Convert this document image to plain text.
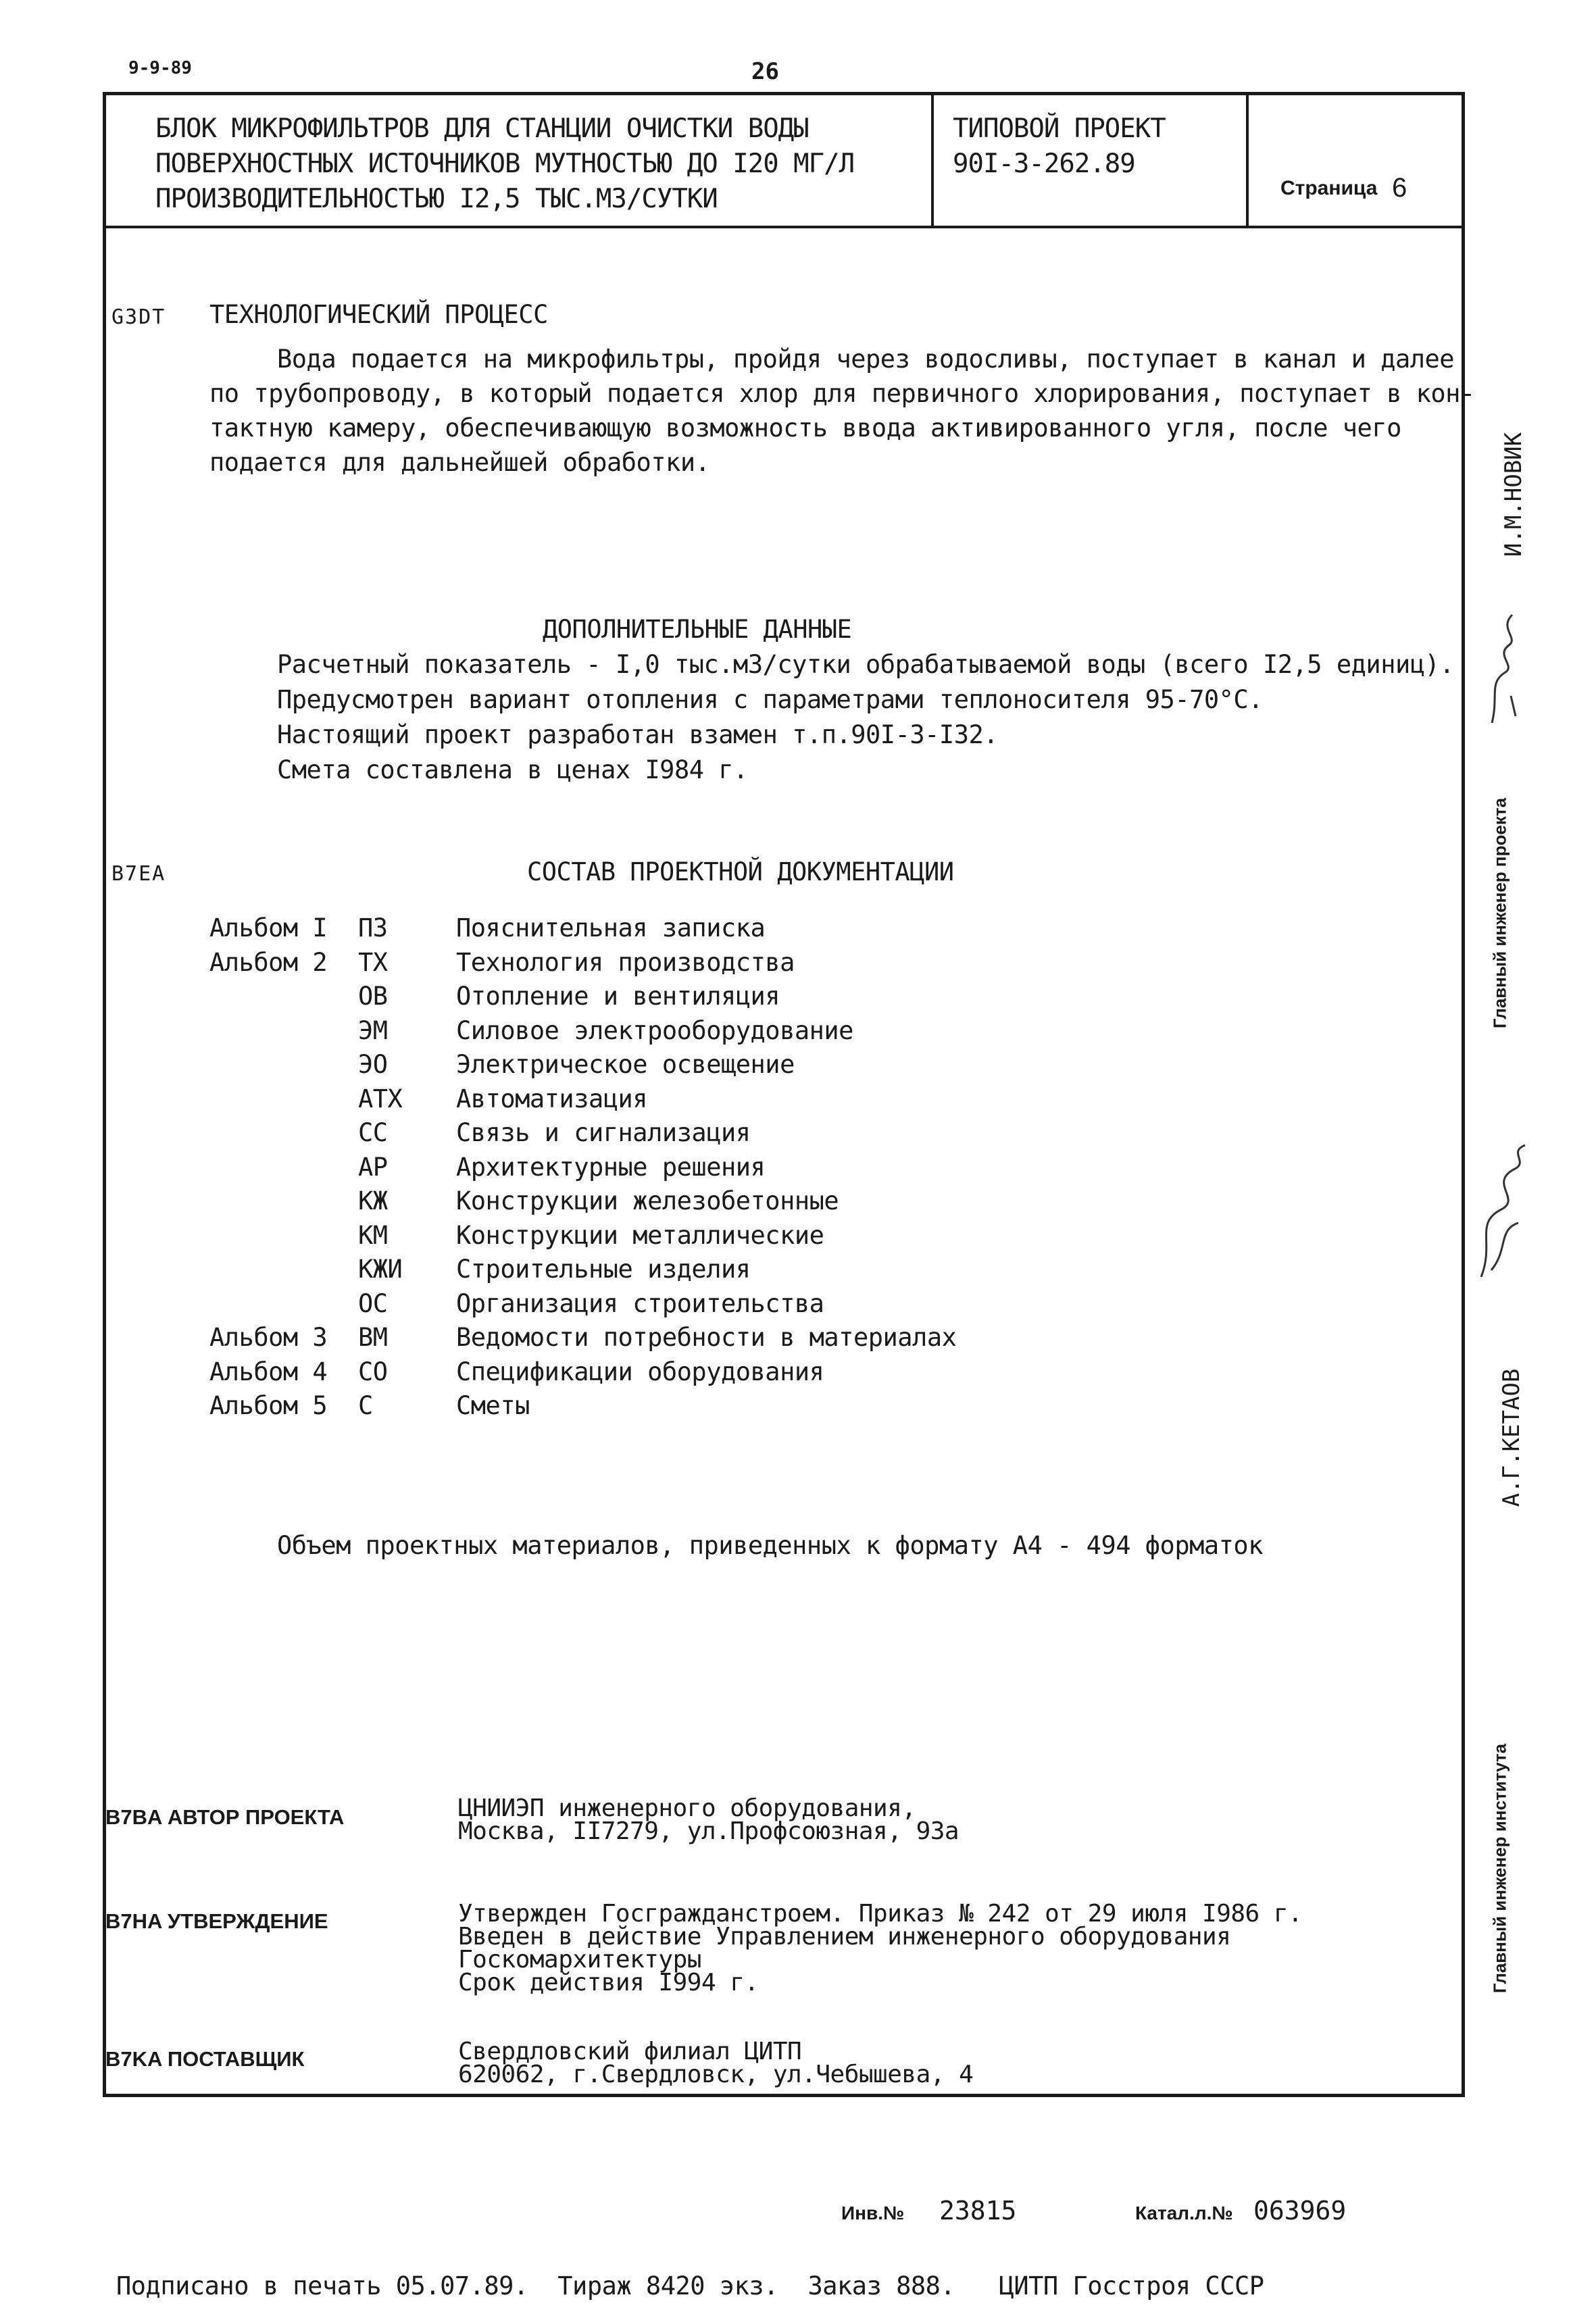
9-9-89	26
БЛОК МИКРОФИЛЬТРОВ ДЛЯ СТАНЦИИ ОЧИСТКИ ВОДЫ
ПОВЕРХНОСТНЫХ ИСТОЧНИКОВ МУТНОСТЬЮ ДО I20 МГ/Л
ПРОИЗВОДИТЕЛЬНОСТЬЮ I2,5 ТЫС.М3/СУТКИ
ТИПОВОЙ ПРОЕКТ
90I-3-262.89
Страница 6
G3DT ТЕХНОЛОГИЧЕСКИЙ ПРОЦЕСС
Вода подается на микрофильтры, пройдя через водосливы, поступает в канал и далее
по трубопроводу, в который подается хлор для первичного хлорирования, поступает в кон-
тактную камеру, обеспечивающую возможность ввода активированного угля, после чего
подается для дальнейшей обработки.
ДОПОЛНИТЕЛЬНЫЕ ДАННЫЕ
Расчетный показатель - I,0 тыс.м3/сутки обрабатываемой воды (всего I2,5 единиц).
Предусмотрен вариант отопления с параметрами теплоносителя 95-70°С.
Настоящий проект разработан взамен т.п.90I-3-I32.
Смета составлена в ценах I984 г.
B7EA	СОСТАВ ПРОЕКТНОЙ ДОКУМЕНТАЦИИ
Альбом I ПЗ	Пояснительная записка
Альбом 2 ТХ	Технология производства
ОВ	Отопление и вентиляция
ЭМ	Силовое электрооборудование
ЭО	Электрическое освещение
АТХ Автоматизация
СС	Связь и сигнализация
АР	Архитектурные решения
КЖ	Конструкции железобетонные
КМ	Конструкции металлические
КЖИ Строительные изделия
ОС	Организация строительства
Альбом 3 ВМ	Ведомости потребности в материалах
Альбом 4 СО	Спецификации оборудования
Альбом 5 С	Сметы
Объем проектных материалов, приведенных к формату А4 - 494 форматок
B7BA АВТОР ПРОЕКТА	ЦНИИЭП инженерного оборудования,
Москва, II7279, ул.Профсоюзная, 93а
B7HA УТВЕРЖДЕНИЕ	Утвержден Госгражданстроем. Приказ № 242 от 29 июля I986 г.
Введен в действие Управлением инженерного оборудования
Госкомархитектуры
Срок действия I994 г.
B7KA ПОСТАВЩИК	Свердловский филиал ЦИТП
620062, г.Свердловск, ул.Чебышева, 4
Инв.№ 23815	Катал.л.№ 063969
Подписано в печать 05.07.89.  Тираж 8420 экз.  Заказ 888.   ЦИТП Госстроя СССР
И.М.НОВИК
Главный инженер проекта
А.Г.КЕТАОВ
Главный инженер института
